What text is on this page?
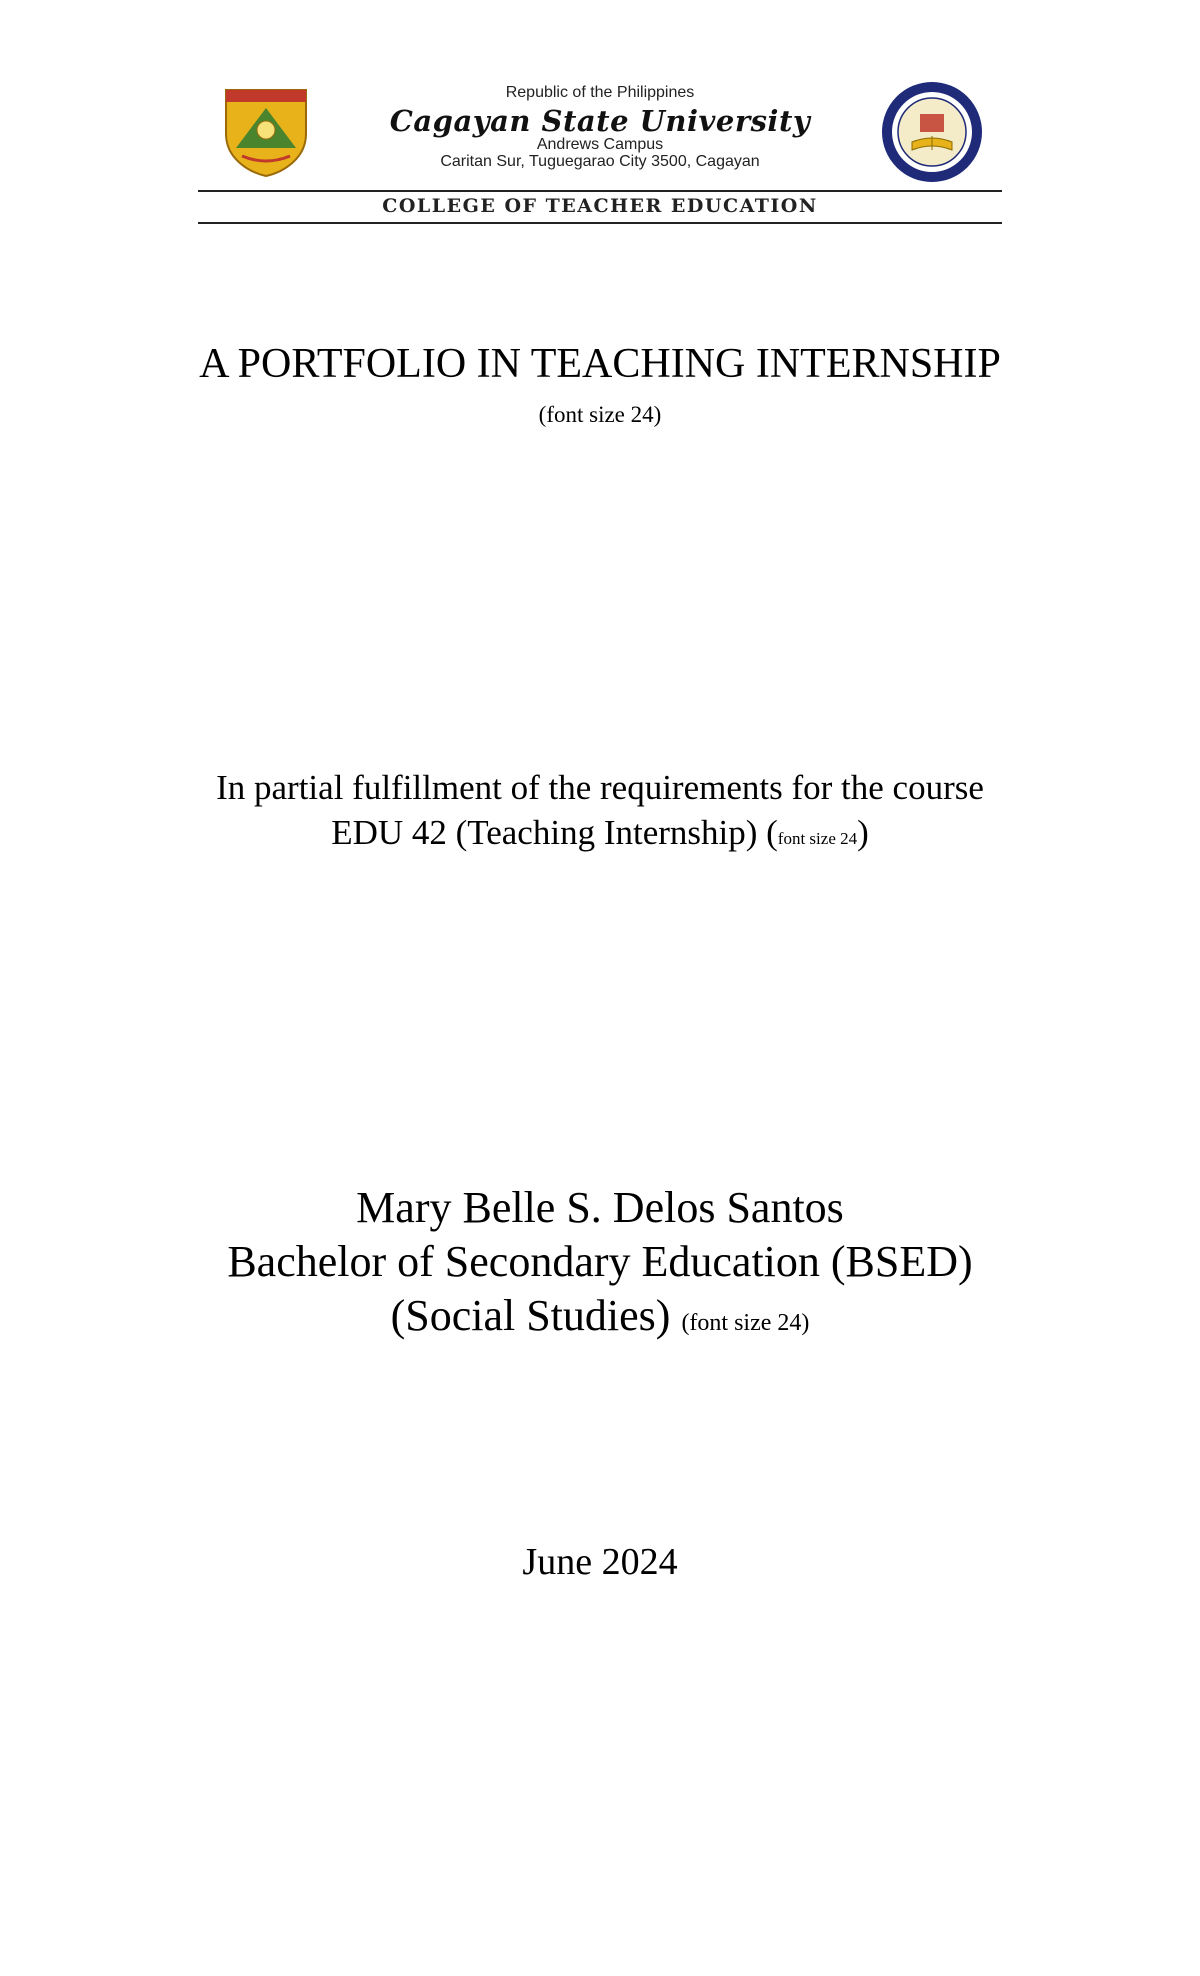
Republic of the Philippines
Cagayan State University
Andrews Campus
Caritan Sur, Tuguegarao City 3500, Cagayan
COLLEGE OF TEACHER EDUCATION
A PORTFOLIO IN TEACHING INTERNSHIP
(font size 24)
In partial fulfillment of the requirements for the course
EDU 42 (Teaching Internship) (font size 24)
Mary Belle S. Delos Santos
Bachelor of Secondary Education (BSED)
(Social Studies) (font size 24)
June 2024
